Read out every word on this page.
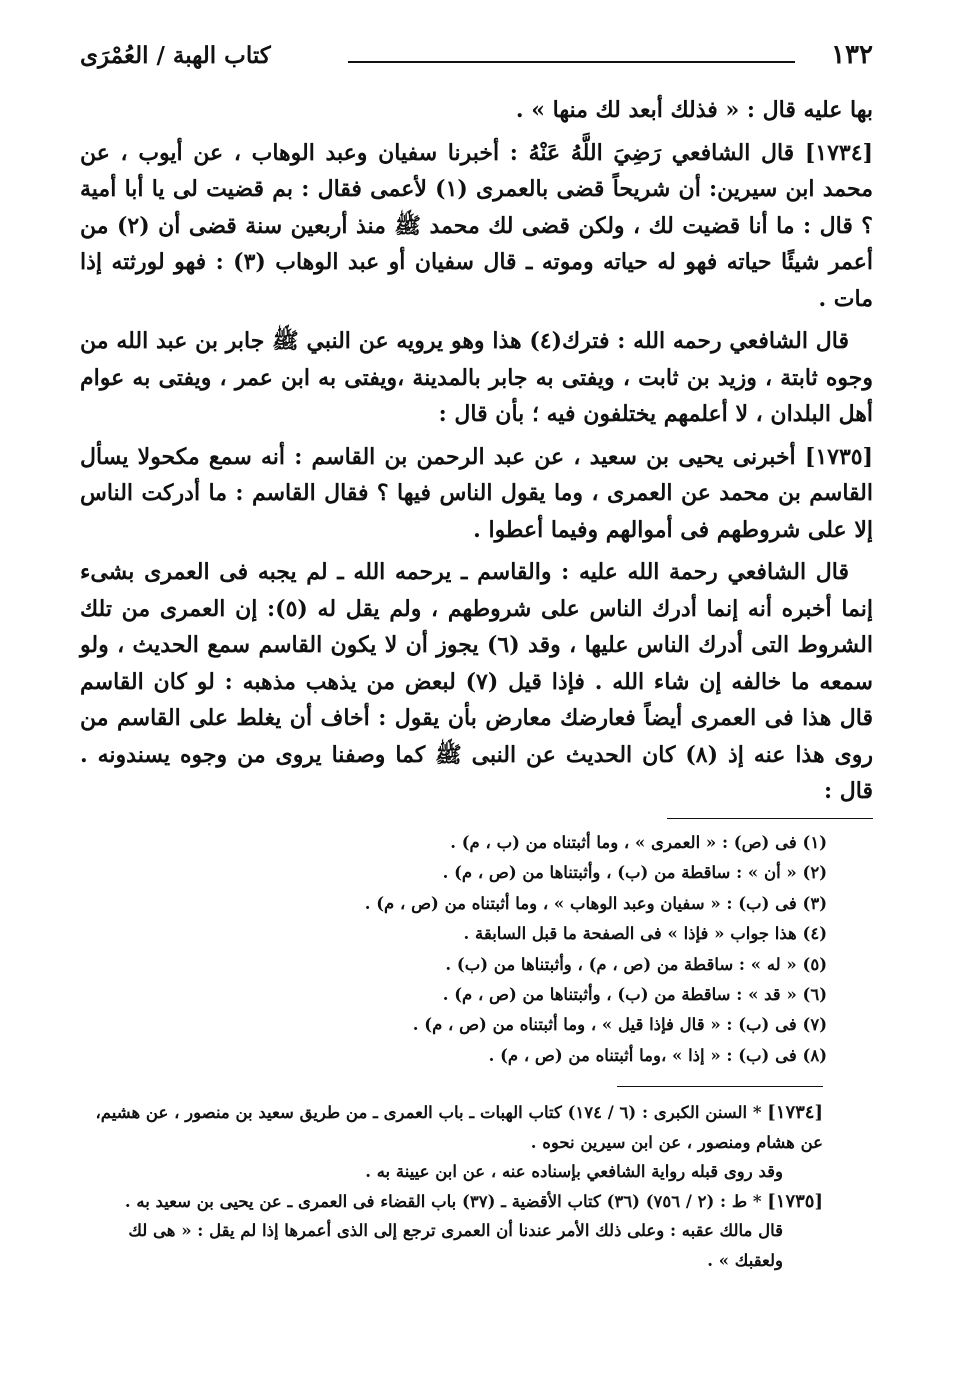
١٣٢
كتاب الهبة / العُمْرَى

بها عليه قال : « فذلك أبعد لك منها » .

[١٧٣٤] قال الشافعي رَضِيَ اللَّهُ عَنْهُ : أخبرنا سفيان وعبد الوهاب ، عن أيوب ، عن محمد ابن سيرين: أن شريحاً قضى بالعمرى (١) لأعمى فقال : بم قضيت لى يا أبا أمية ؟ قال : ما أنا قضيت لك ، ولكن قضى لك محمد ﷺ منذ أربعين سنة قضى أن (٢) من أعمر شيئًا حياته فهو له حياته وموته ـ قال سفيان أو عبد الوهاب (٣) : فهو لورثته إذا مات .

قال الشافعي رحمه الله : فترك(٤) هذا وهو يرويه عن النبي ﷺ جابر بن عبد الله من وجوه ثابتة ، وزيد بن ثابت ، ويفتى به جابر بالمدينة ،ويفتى به ابن عمر ، ويفتى به عوام أهل البلدان ، لا أعلمهم يختلفون فيه ؛ بأن قال :

[١٧٣٥] أخبرنى يحيى بن سعيد ، عن عبد الرحمن بن القاسم : أنه سمع مكحولا يسأل القاسم بن محمد عن العمرى ، وما يقول الناس فيها ؟ فقال القاسم : ما أدركت الناس إلا على شروطهم فى أموالهم وفيما أعطوا .

قال الشافعي رحمة الله عليه : والقاسم ـ يرحمه الله ـ لم يجبه فى العمرى بشىء إنما أخبره أنه إنما أدرك الناس على شروطهم ، ولم يقل له (٥): إن العمرى من تلك الشروط التى أدرك الناس عليها ، وقد (٦) يجوز أن لا يكون القاسم سمع الحديث ، ولو سمعه ما خالفه إن شاء الله . فإذا قيل (٧) لبعض من يذهب مذهبه : لو كان القاسم قال هذا فى العمرى أيضاً فعارضك معارض بأن يقول : أخاف أن يغلط على القاسم من روى هذا عنه إذ (٨) كان الحديث عن النبى ﷺ كما وصفنا يروى من وجوه يسندونه . قال :

(١) فى (ص) : « العمرى » ، وما أثبتناه من (ب ، م) .
(٢) « أن » : ساقطة من (ب) ، وأثبتناها من (ص ، م) .
(٣) فى (ب) : « سفيان وعبد الوهاب » ، وما أثبتناه من (ص ، م) .
(٤) هذا جواب « فإذا » فى الصفحة ما قبل السابقة .
(٥) « له » : ساقطة من (ص ، م) ، وأثبتناها من (ب) .
(٦) « قد » : ساقطة من (ب) ، وأثبتناها من (ص ، م) .
(٧) فى (ب) : « قال فإذا قيل » ، وما أثبتناه من (ص ، م) .
(٨) فى (ب) : « إذا » ،وما أثبتناه من (ص ، م) .
[١٧٣٤] * السنن الكبرى : (٦ / ١٧٤) كتاب الهبات ـ باب العمرى ـ من طريق سعيد بن منصور ، عن هشيم، عن هشام ومنصور ، عن ابن سيرين نحوه .
وقد روى قبله رواية الشافعي بإسناده عنه ، عن ابن عيينة به .
[١٧٣٥] * ط : (٢ / ٧٥٦) (٣٦) كتاب الأقضية ـ (٣٧) باب القضاء فى العمرى ـ عن يحيى بن سعيد به .
قال مالك عقبه : وعلى ذلك الأمر عندنا أن العمرى ترجع إلى الذى أعمرها إذا لم يقل : « هى لك ولعقبك » .
